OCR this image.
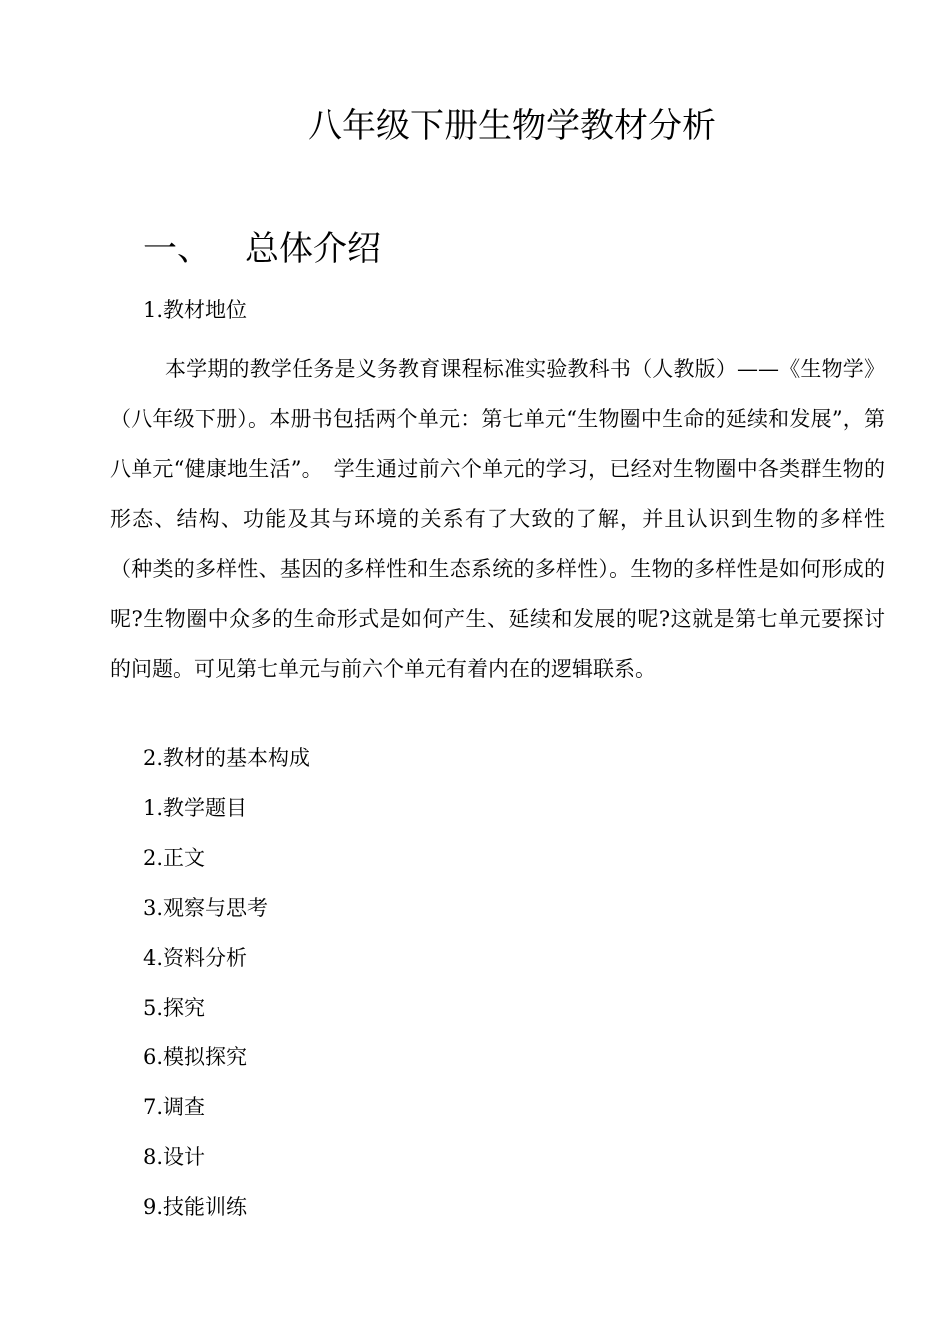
八年级下册生物学教材分析
一、 总体介绍

1.教材地位

本学期的教学任务是义务教育课程标准实验教科书（人教版）——《生物学》（八年级下册）。本册书包括两个单元：第七单元“生物圈中生命的延续和发展”，第八单元“健康地生活”。　学生通过前六个单元的学习，已经对生物圈中各类群生物的形态、结构、功能及其与环境的关系有了大致的了解，并且认识到生物的多样性（种类的多样性、基因的多样性和生态系统的多样性）。生物的多样性是如何形成的呢?生物圈中众多的生命形式是如何产生、延续和发展的呢?这就是第七单元要探讨的问题。可见第七单元与前六个单元有着内在的逻辑联系。

2.教材的基本构成

1.教学题目

2.正文

3.观察与思考

4.资料分析

5.探究

6.模拟探究

7.调查

8.设计

9.技能训练
